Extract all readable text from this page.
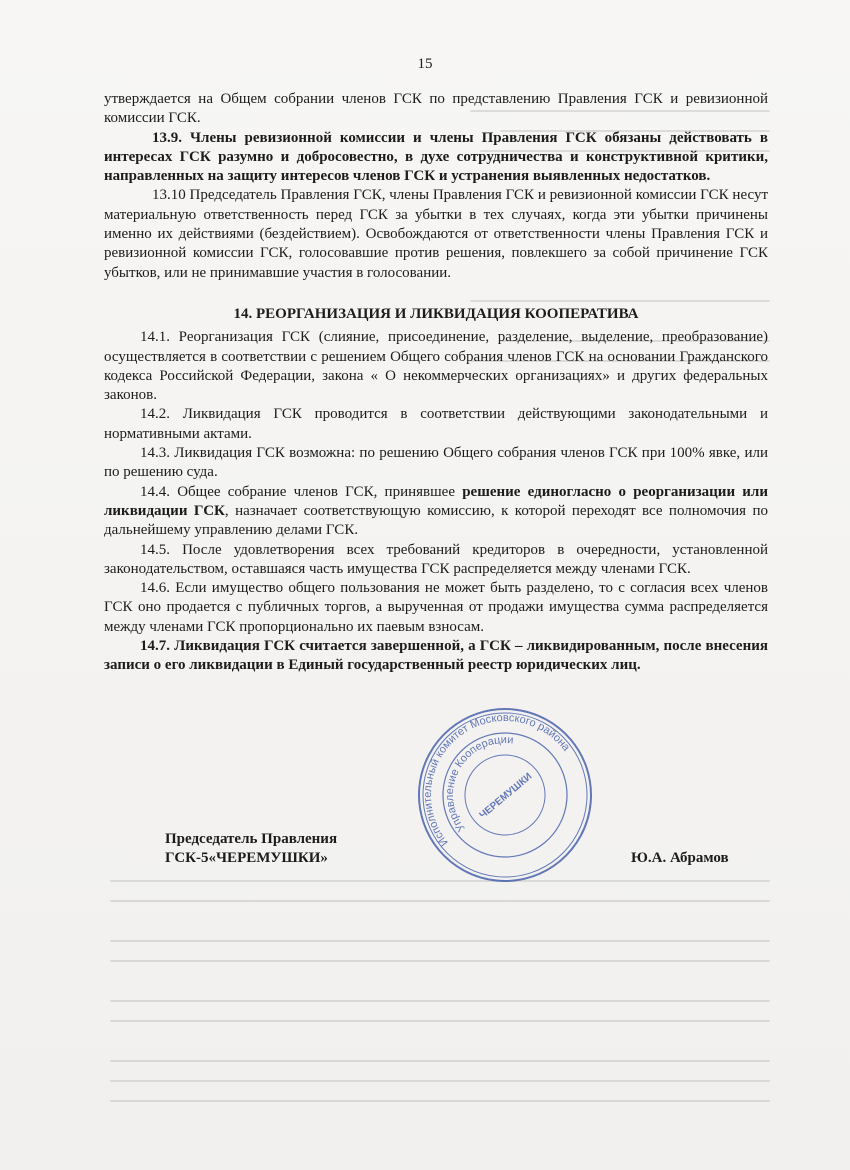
15

утверждается на Общем собрании членов ГСК по представлению Правления ГСК и ревизионной комиссии ГСК.

13.9. Члены ревизионной комиссии и члены Правления ГСК обязаны действовать в интересах ГСК разумно и добросовестно, в духе сотрудничества и конструктивной критики, направленных на защиту интересов членов ГСК и устранения выявленных недостатков.

13.10 Председатель Правления ГСК, члены Правления ГСК и ревизионной комиссии ГСК несут материальную ответственность перед ГСК за убытки в тех случаях, когда эти убытки причинены именно их действиями (бездействием). Освобождаются от ответственности члены Правления ГСК и ревизионной комиссии ГСК, голосовавшие против решения, повлекшего за собой причинение ГСК убытков, или не принимавшие участия в голосовании.

14. РЕОРГАНИЗАЦИЯ И ЛИКВИДАЦИЯ КООПЕРАТИВА

14.1. Реорганизация ГСК (слияние, присоединение, разделение, выделение, преобразование) осуществляется в соответствии с решением Общего собрания членов ГСК на основании Гражданского кодекса Российской Федерации, закона « О некоммерческих организациях» и других федеральных законов.

14.2. Ликвидация ГСК проводится в соответствии действующими законодательными и нормативными актами.

14.3. Ликвидация ГСК возможна: по решению Общего собрания членов ГСК при 100% явке, или по решению суда.

14.4. Общее собрание членов ГСК, принявшее решение единогласно о реорганизации или ликвидации ГСК, назначает соответствующую комиссию, к которой переходят все полномочия по дальнейшему управлению делами ГСК.

14.5. После удовлетворения всех требований кредиторов в очередности, установленной законодательством, оставшаяся часть имущества ГСК распределяется между членами ГСК.

14.6. Если имущество общего пользования не может быть разделено, то с согласия всех членов ГСК оно продается с публичных торгов, а вырученная от продажи имущества сумма распределяется между членами ГСК пропорционально их паевым взносам.

14.7. Ликвидация ГСК считается завершенной, а ГСК – ликвидированным, после внесения записи о его ликвидации в Единый государственный реестр юридических лиц.

Исполнительный комитет Московского района
Управление Кооперации
ЧЕРЕМУШКИ
Председатель Правления
ГСК-5«ЧЕРЕМУШКИ»	Ю.А. Абрамов
